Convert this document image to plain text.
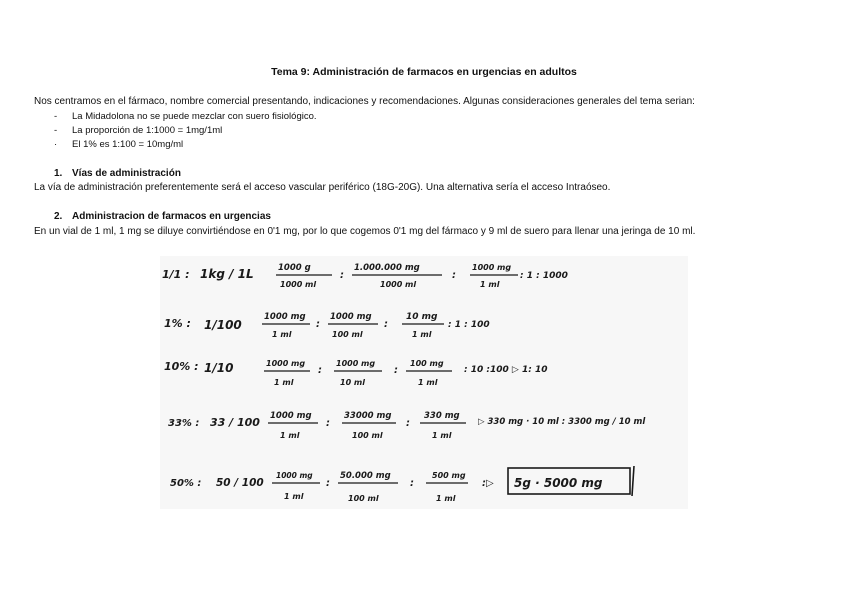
Tema 9: Administración de farmacos en urgencias en adultos
Nos centramos en el fármaco, nombre comercial presentando, indicaciones y recomendaciones. Algunas consideraciones generales del tema serian:
-	La Midadolona no se puede mezclar con suero fisiológico.
-	La proporción de 1:1000 = 1mg/1ml
·	El 1% es 1:100 = 10mg/ml
1. Vías de administración
La vía de administración preferentemente será el acceso vascular periférico (18G-20G). Una alternativa sería el acceso Intraóseo.
2. Administracion de farmacos en urgencias
En un vial de 1 ml, 1 mg se diluye convirtiéndose en 0'1 mg, por lo que cogemos 0'1 mg del fármaco y 9 ml de suero para llenar una jeringa de 10 ml.
1/1 : 1kg / 1L	1000 g
1000 ml
:
1.000.000 mg
1000 ml
:
1000 mg
1 ml
: 1 : 1000
1% : 1/100
1000 mg
1 ml
:
1000 mg
100 ml
:
10 mg
1 ml
: 1 : 100
10% : 1/10	1000 mg
1 ml
:
1000 mg
10 ml
:
100 mg
1 ml
: 10 :100 ▷ 1: 10
33% : 33 / 100 1000 mg
1 ml
:
33000 mg
100 ml
:
330 mg
1 ml
▷ 330 mg · 10 ml : 3300 mg / 10 ml
50% : 50 / 100
1000 mg
1 ml
:
50.000 mg
100 ml
:
500 mg
1 ml
:▷ 5g · 5000 mg
